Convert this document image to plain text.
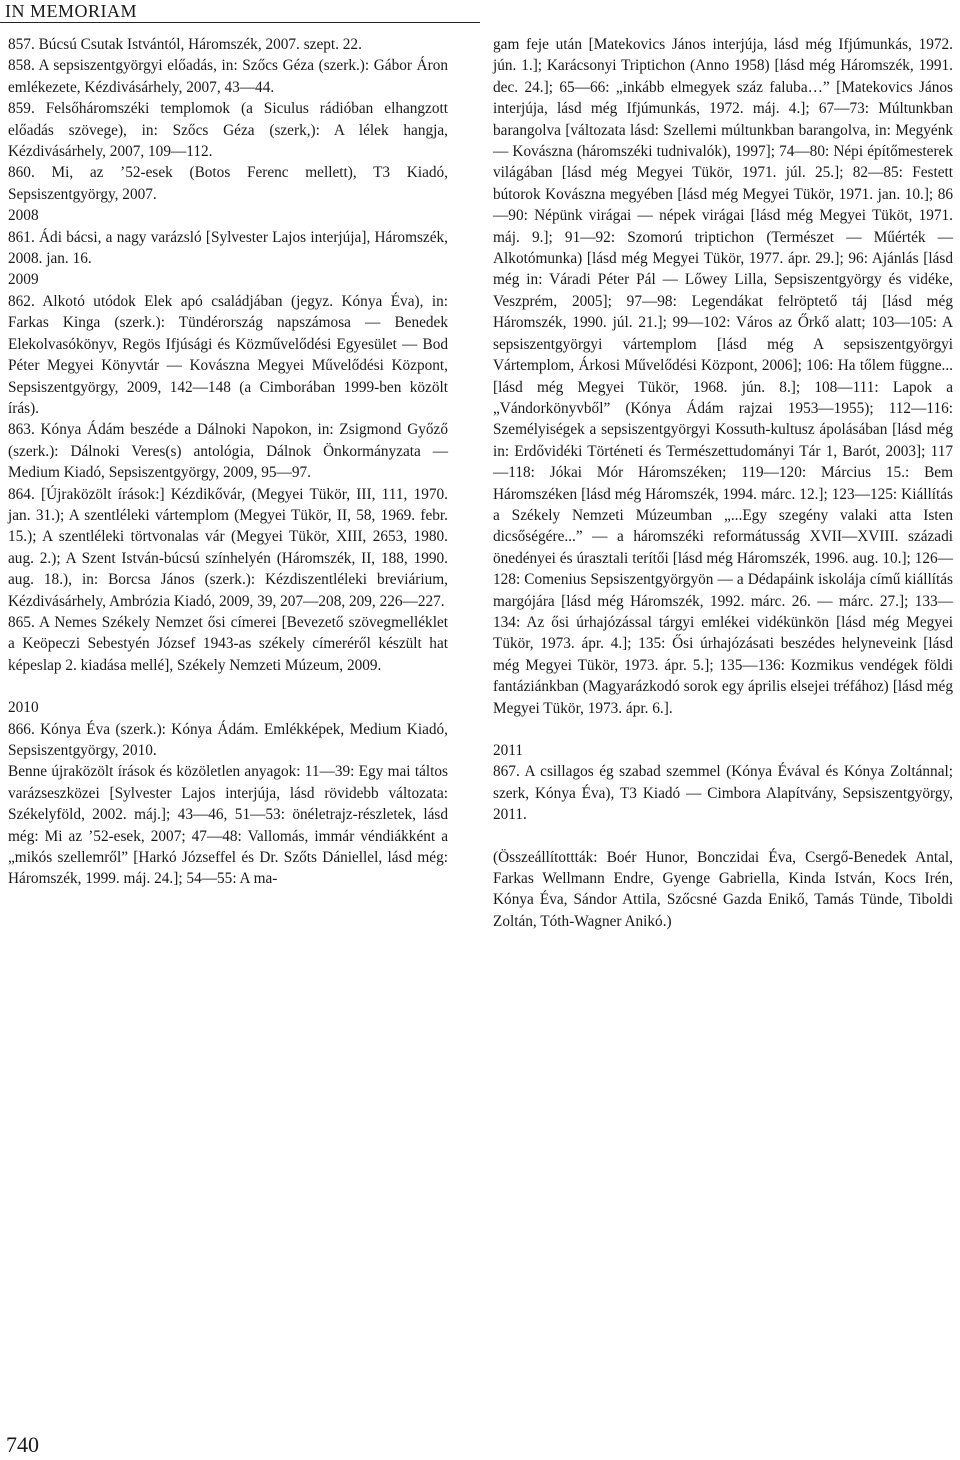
IN MEMORIAM

857. Búcsú Csutak Istvántól, Háromszék, 2007. szept. 22.

858. A sepsiszentgyörgyi előadás, in: Szőcs Géza (szerk.): Gábor Áron emlékezete, Kézdivásárhely, 2007, 43—44.

859. Felsőháromszéki templomok (a Siculus rádióban elhangzott előadás szövege), in: Szőcs Géza (szerk,): A lélek hangja, Kézdivásárhely, 2007, 109—112.

860. Mi, az ’52-esek (Botos Ferenc mellett), T3 Kiadó, Sepsiszentgyörgy, 2007.

2008

861. Ádi bácsi, a nagy varázsló [Sylvester Lajos interjúja], Háromszék, 2008. jan. 16.

2009

862. Alkotó utódok Elek apó családjában (jegyz. Kónya Éva), in: Farkas Kinga (szerk.): Tündérország napszámosa — Benedek Elekolvasókönyv, Regös Ifjúsági és Közművelődési Egyesület — Bod Péter Megyei Könyvtár — Kovászna Megyei Művelődési Központ, Sepsiszentgyörgy, 2009, 142—148 (a Cimborában 1999-ben közölt írás).

863. Kónya Ádám beszéde a Dálnoki Napokon, in: Zsigmond Győző (szerk.): Dálnoki Veres(s) antológia, Dálnok Önkormányzata — Medium Kiadó, Sepsiszentgyörgy, 2009, 95—97.

864. [Újraközölt írások:] Kézdikővár, (Megyei Tükör, III, 111, 1970. jan. 31.); A szentléleki vártemplom (Megyei Tükör, II, 58, 1969. febr. 15.); A szentléleki törtvonalas vár (Megyei Tükör, XIII, 2653, 1980. aug. 2.); A Szent István-búcsú színhelyén (Háromszék, II, 188, 1990. aug. 18.), in: Borcsa János (szerk.): Kézdiszentléleki breviárium, Kézdivásárhely, Ambrózia Kiadó, 2009, 39, 207—208, 209, 226—227.

865. A Nemes Székely Nemzet ősi címerei [Bevezető szövegmelléklet a Keöpeczi Sebestyén József 1943-as székely címeréről készült hat képeslap 2. kiadása mellé], Székely Nemzeti Múzeum, 2009.

2010

866. Kónya Éva (szerk.): Kónya Ádám. Emlékképek, Medium Kiadó, Sepsiszentgyörgy, 2010.

Benne újraközölt írások és közöletlen anyagok: 11—39: Egy mai táltos varázseszközei [Sylvester Lajos interjúja, lásd rövidebb változata: Székelyföld, 2002. máj.]; 43—46, 51—53: önéletrajz-részletek, lásd még: Mi az ’52-esek, 2007; 47—48: Vallomás, immár véndiákként a „mikós szellemről” [Harkó Józseffel és Dr. Szőts Dániellel, lásd még: Háromszék, 1999. máj. 24.]; 54—55: A ma-

gam feje után [Matekovics János interjúja, lásd még Ifjúmunkás, 1972. jún. 1.]; Karácsonyi Triptichon (Anno 1958) [lásd még Háromszék, 1991. dec. 24.]; 65—66: „inkább elmegyek száz faluba…” [Matekovics János interjúja, lásd még Ifjúmunkás, 1972. máj. 4.]; 67—73: Múltunkban barangolva [változata lásd: Szellemi múltunkban barangolva, in: Megyénk — Kovászna (háromszéki tudnivalók), 1997]; 74—80: Népi építőmesterek világában [lásd még Megyei Tükör, 1971. júl. 25.]; 82—85: Festett bútorok Kovászna megyében [lásd még Megyei Tükör, 1971. jan. 10.]; 86—90: Népünk virágai — népek virágai [lásd még Megyei Tüköt, 1971. máj. 9.]; 91—92: Szomorú triptichon (Természet — Műérték — Alkotómunka) [lásd még Megyei Tükör, 1977. ápr. 29.]; 96: Ajánlás [lásd még in: Váradi Péter Pál — Lőwey Lilla, Sepsiszentgyörgy és vidéke, Veszprém, 2005]; 97—98: Legendákat felröptető táj [lásd még Háromszék, 1990. júl. 21.]; 99—102: Város az Őrkő alatt; 103—105: A sepsiszentgyörgyi vártemplom [lásd még A sepsiszentgyörgyi Vártemplom, Árkosi Művelődési Központ, 2006]; 106: Ha tőlem függne... [lásd még Megyei Tükör, 1968. jún. 8.]; 108—111: Lapok a „Vándorkönyvből” (Kónya Ádám rajzai 1953—1955); 112—116: Személyiségek a sepsiszentgyörgyi Kossuth-kultusz ápolásában [lásd még in: Erdővidéki Történeti és Természettudományi Tár 1, Barót, 2003]; 117—118: Jókai Mór Háromszéken; 119—120: Március 15.: Bem Háromszéken [lásd még Háromszék, 1994. márc. 12.]; 123—125: Kiállítás a Székely Nemzeti Múzeumban „...Egy szegény valaki atta Isten dicsőségére...” — a háromszéki reformátusság XVII—XVIII. századi önedényei és úrasztali terítői [lásd még Háromszék, 1996. aug. 10.]; 126—128: Comenius Sepsiszentgyörgyön — a Dédapáink iskolája című kiállítás margójára [lásd még Háromszék, 1992. márc. 26. — márc. 27.]; 133—134: Az ősi úrhajózással tárgyi emlékei vidékünkön [lásd még Megyei Tükör, 1973. ápr. 4.]; 135: Ősi úrhajózásati beszédes helyneveink [lásd még Megyei Tükör, 1973. ápr. 5.]; 135—136: Kozmikus vendégek földi fantáziánkban (Magyarázkodó sorok egy április elsejei tréfához) [lásd még Megyei Tükör, 1973. ápr. 6.].

2011

867. A csillagos ég szabad szemmel (Kónya Évával és Kónya Zoltánnal; szerk, Kónya Éva), T3 Kiadó — Cimbora Alapítvány, Sepsiszentgyörgy, 2011.

(Összeállítottták: Boér Hunor, Bonczidai Éva, Csergő-Benedek Antal, Farkas Wellmann Endre, Gyenge Gabriella, Kinda István, Kocs Irén, Kónya Éva, Sándor Attila, Szőcsné Gazda Enikő, Tamás Tünde, Tiboldi Zoltán, Tóth-Wagner Anikó.)

740
